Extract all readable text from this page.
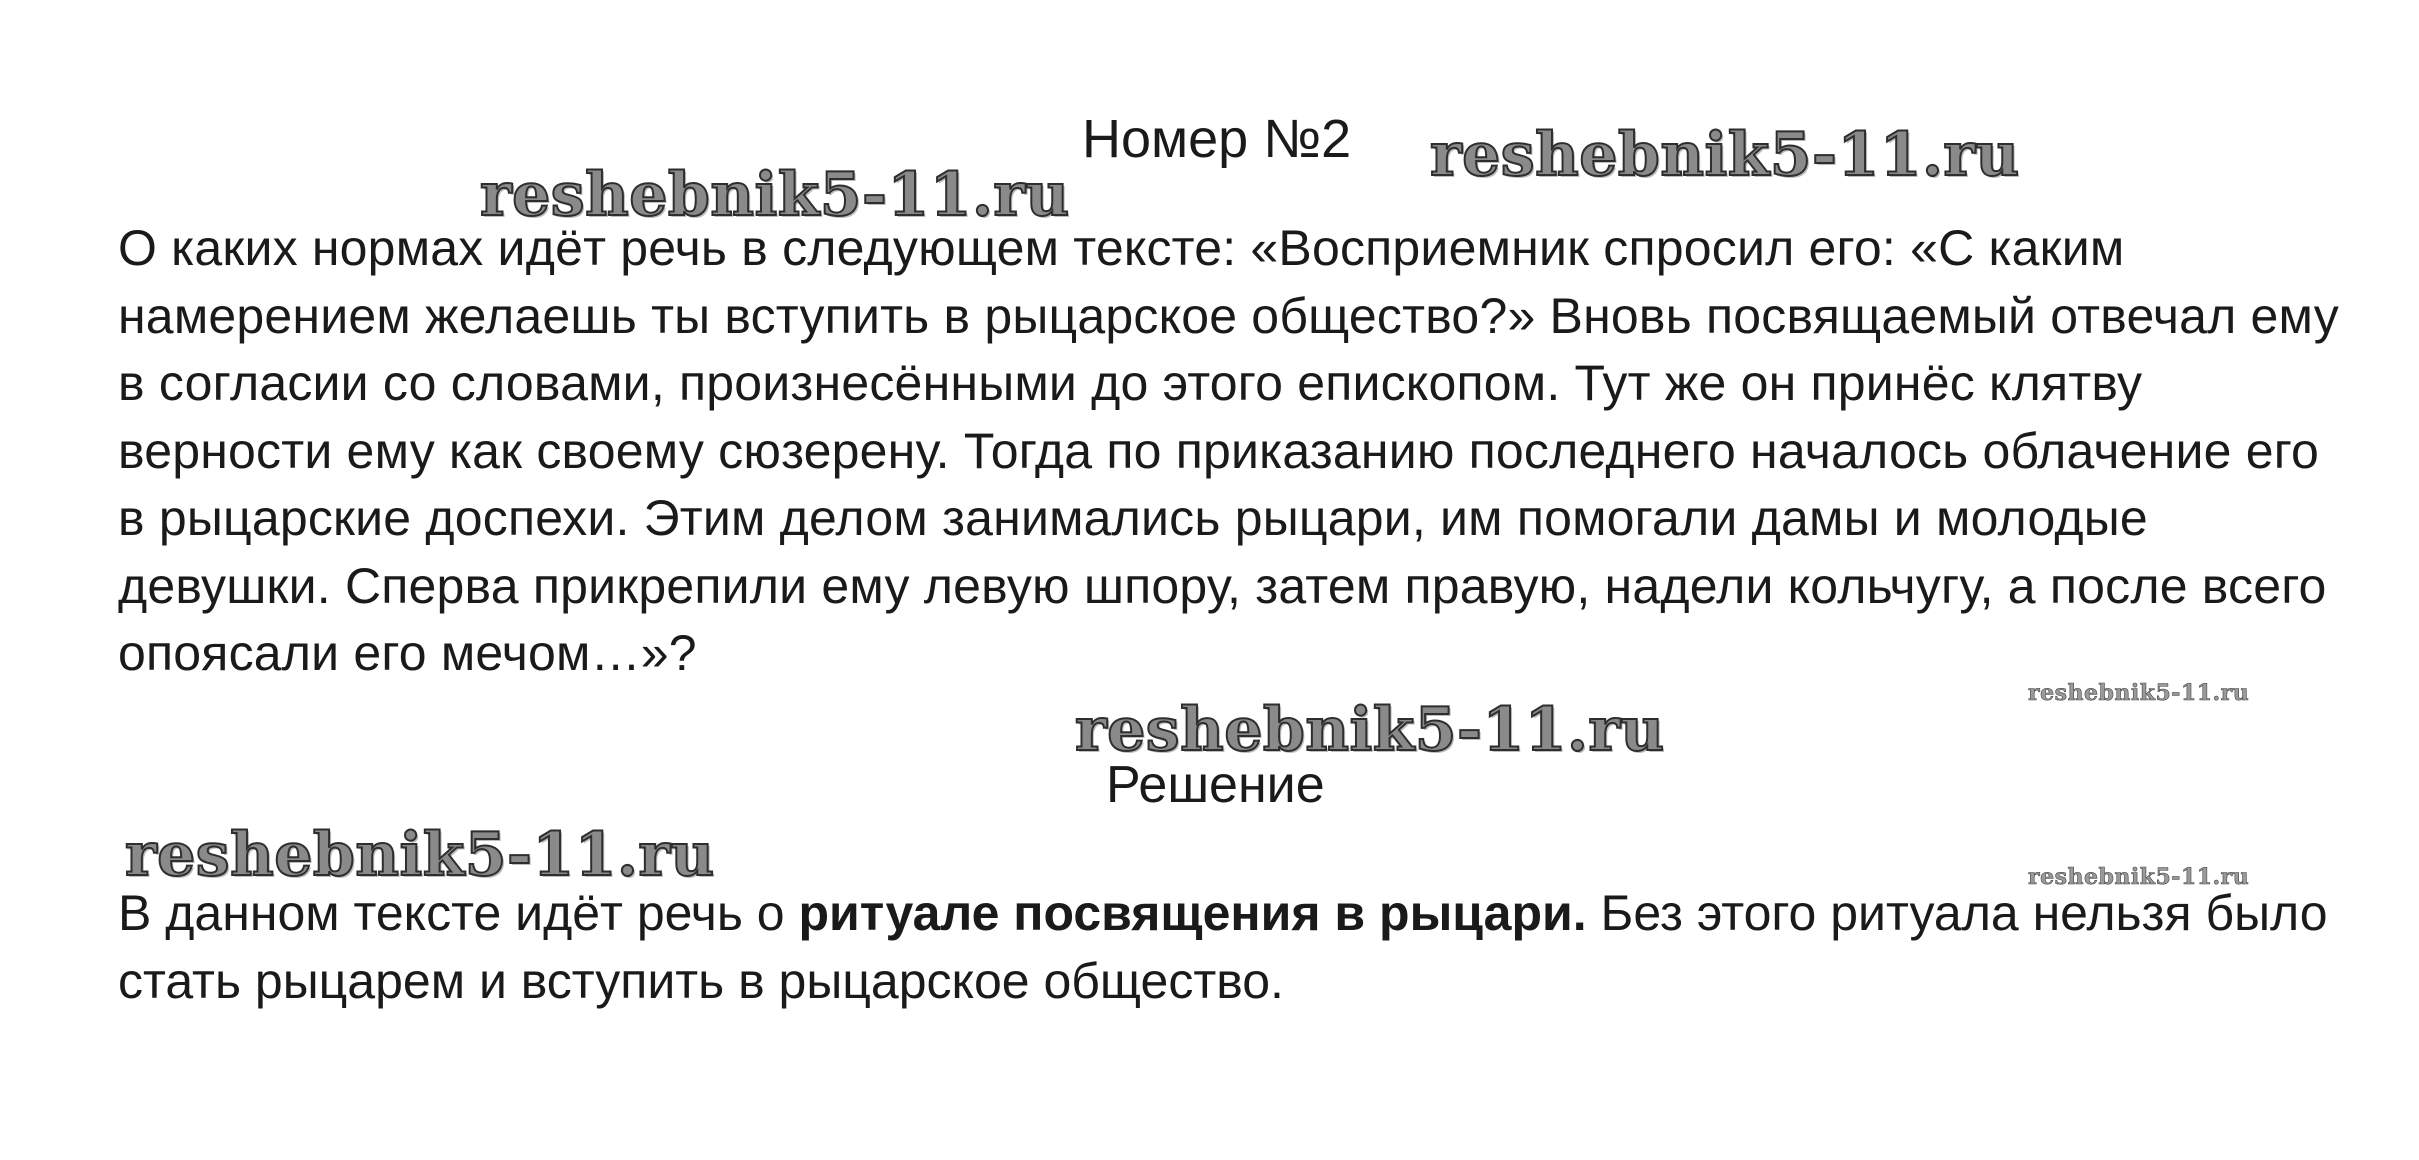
reshebnik5-11.ru
reshebnik5-11.ru
Номер №2

О каких нормах идёт речь в следующем тексте: «Восприемник спросил его: «С каким намерением желаешь ты вступить в рыцарское общество?» Вновь посвящаемый отвечал ему в согласии со словами, произнесёнными до этого епископом. Тут же он принёс клятву верности ему как своему сюзерену. Тогда по приказанию последнего началось облачение его в рыцарские доспехи. Этим делом занимались рыцари, им помогали дамы и молодые девушки. Сперва прикрепили ему левую шпору, затем правую, надели кольчугу, а после всего опоясали его мечом…»?

reshebnik5-11.ru
reshebnik5-11.ru
Решение
reshebnik5-11.ru	reshebnik5-11.ru

В данном тексте идёт речь о ритуале посвящения в рыцари. Без этого ритуала нельзя было стать рыцарем и вступить в рыцарское общество.
